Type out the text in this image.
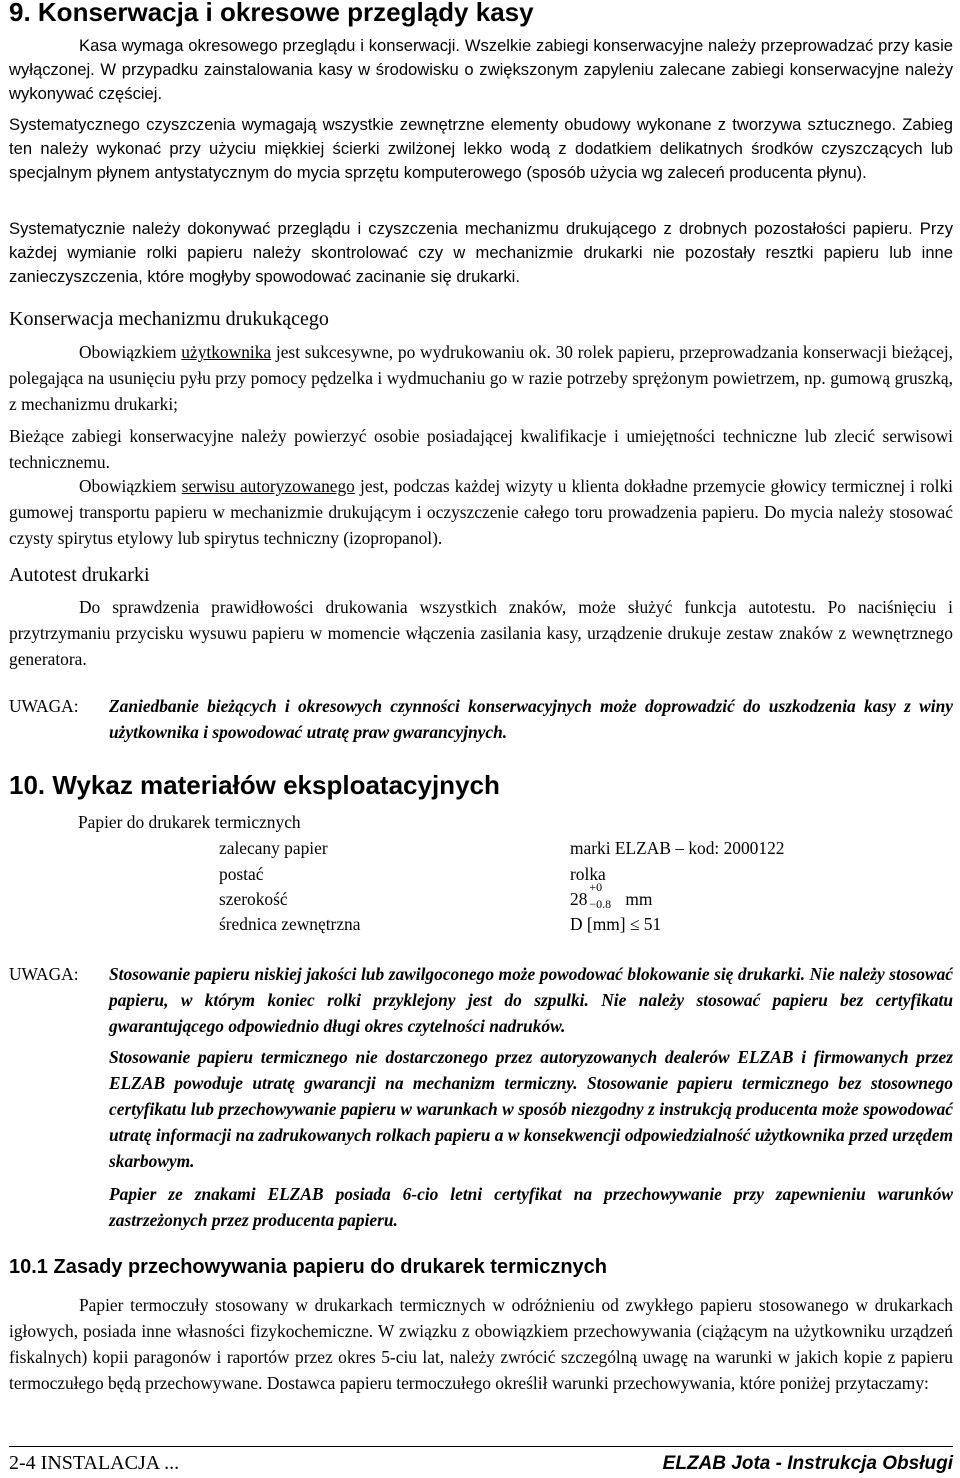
9. Konserwacja i okresowe przeglądy kasy

Kasa wymaga okresowego przeglądu i konserwacji. Wszelkie zabiegi konserwacyjne należy przeprowadzać przy kasie wyłączonej. W przypadku zainstalowania kasy w środowisku o zwiększonym zapyleniu zalecane zabiegi konserwacyjne należy wykonywać częściej.

Systematycznego czyszczenia wymagają wszystkie zewnętrzne elementy obudowy wykonane z tworzywa sztucznego. Zabieg ten należy wykonać przy użyciu miękkiej ścierki zwilżonej lekko wodą z dodatkiem delikatnych środków czyszczących lub specjalnym płynem antystatycznym do mycia sprzętu komputerowego (sposób użycia wg zaleceń producenta płynu).

Systematycznie należy dokonywać przeglądu i czyszczenia mechanizmu drukującego z drobnych pozostałości papieru. Przy każdej wymianie rolki papieru należy skontrolować czy w mechanizmie drukarki nie pozostały resztki papieru lub inne zanieczyszczenia, które mogłyby spowodować zacinanie się drukarki.

Konserwacja mechanizmu drukukącego

Obowiązkiem użytkownika jest sukcesywne, po wydrukowaniu ok. 30 rolek papieru, przeprowadzania konserwacji bieżącej, polegająca na usunięciu pyłu przy pomocy pędzelka i wydmuchaniu go w razie potrzeby sprężonym powietrzem, np. gumową gruszką, z mechanizmu drukarki;

Bieżące zabiegi konserwacyjne należy powierzyć osobie posiadającej kwalifikacje i umiejętności techniczne lub zlecić serwisowi technicznemu.

Obowiązkiem serwisu autoryzowanego jest, podczas każdej wizyty u klienta dokładne przemycie głowicy termicznej i rolki gumowej transportu papieru w mechanizmie drukującym i oczyszczenie całego toru prowadzenia papieru. Do mycia należy stosować czysty spirytus etylowy lub spirytus techniczny (izopropanol).

Autotest drukarki

Do sprawdzenia prawidłowości drukowania wszystkich znaków, może służyć funkcja autotestu. Po naciśnięciu i przytrzymaniu przycisku wysuwu papieru w momencie włączenia zasilania kasy, urządzenie drukuje zestaw znaków z wewnętrznego generatora.

UWAGA: Zaniedbanie bieżących i okresowych czynności konserwacyjnych może doprowadzić do uszkodzenia kasy z winy użytkownika i spowodować utratę praw gwarancyjnych.

10. Wykaz materiałów eksploatacyjnych
Papier do drukarek termicznych
zalecany papier	marki ELZAB – kod: 2000122
postać	rolka
szerokość	28
+0
−0.8 mm
średnica zewnętrzna	D [mm] ≤ 51
UWAGA: Stosowanie papieru niskiej jakości lub zawilgoconego może powodować blokowanie się drukarki. Nie należy stosować papieru, w którym koniec rolki przyklejony jest do szpulki. Nie należy stosować papieru bez certyfikatu gwarantującego odpowiednio długi okres czytelności nadruków.

Stosowanie papieru termicznego nie dostarczonego przez autoryzowanych dealerów ELZAB i firmowanych przez ELZAB powoduje utratę gwarancji na mechanizm termiczny. Stosowanie papieru termicznego bez stosownego certyfikatu lub przechowywanie papieru w warunkach w sposób niezgodny z instrukcją producenta może spowodować utratę informacji na zadrukowanych rolkach papieru a w konsekwencji odpowiedzialność użytkownika przed urzędem skarbowym.

Papier ze znakami ELZAB posiada 6-cio letni certyfikat na przechowywanie przy zapewnieniu warunków zastrzeżonych przez producenta papieru.

10.1 Zasady przechowywania papieru do drukarek termicznych

Papier termoczuły stosowany w drukarkach termicznych w odróżnieniu od zwykłego papieru stosowanego w drukarkach igłowych, posiada inne własności fizykochemiczne. W związku z obowiązkiem przechowywania (ciążącym na użytkowniku urządzeń fiskalnych) kopii paragonów i raportów przez okres 5-ciu lat, należy zwrócić szczególną uwagę na warunki w jakich kopie z papieru termoczułego będą przechowywane. Dostawca papieru termoczułego określił warunki przechowywania, które poniżej przytaczamy:

2-4 INSTALACJA ...	ELZAB Jota - Instrukcja Obsługi
